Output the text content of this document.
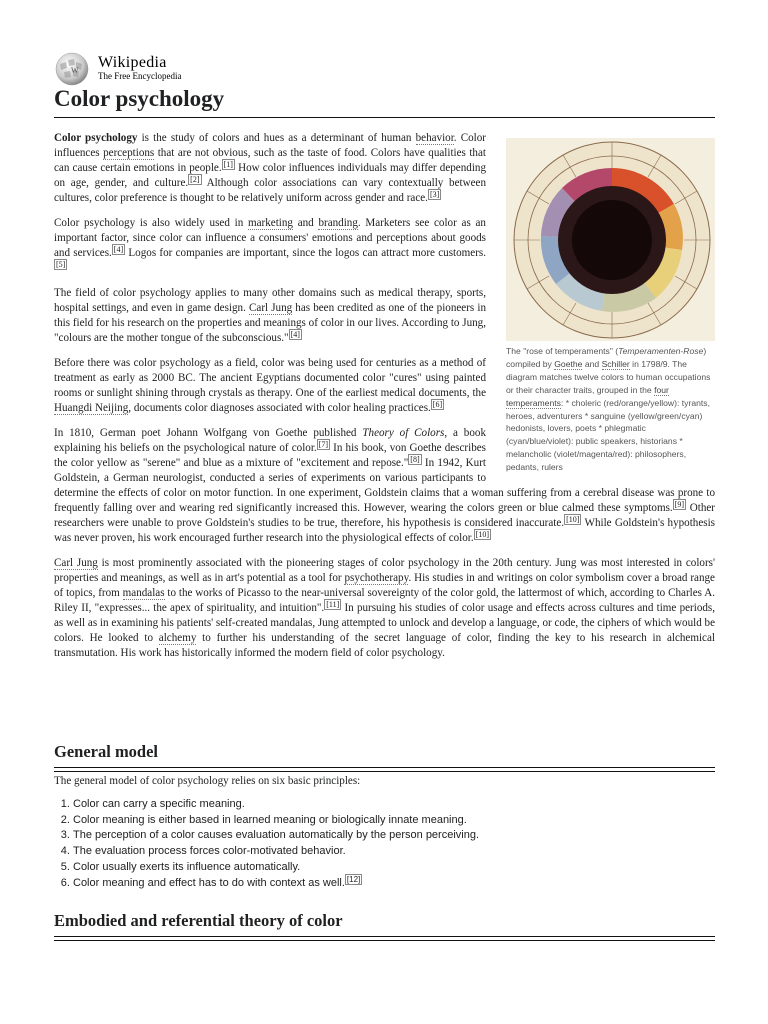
W Wikipedia
The Free Encyclopedia
Color psychology
The "rose of temperaments" (Temperamenten-Rose) compiled by Goethe and Schiller in 1798/9. The diagram matches twelve colors to human occupations or their character traits, grouped in the four temperaments: * choleric (red/orange/yellow): tyrants, heroes, adventurers * sanguine (yellow/green/cyan) hedonists, lovers, poets * phlegmatic (cyan/blue/violet): public speakers, historians * melancholic (violet/magenta/red): philosophers, pedants, rulers

Color psychology is the study of colors and hues as a determinant of human behavior. Color influences perceptions that are not obvious, such as the taste of food. Colors have qualities that can cause certain emotions in people. [1] How color influences individuals may differ depending on age, gender, and culture. [2] Although color associations can vary contextually between cultures, color preference is thought to be relatively uniform across gender and race. [3]

Color psychology is also widely used in marketing and branding. Marketers see color as an important factor, since color can influence a consumers' emotions and perceptions about goods and services. [4] Logos for companies are important, since the logos can attract more customers.[5]

The field of color psychology applies to many other domains such as medical therapy, sports, hospital settings, and even in game design. Carl Jung has been credited as one of the pioneers in this field for his research on the properties and meanings of color in our lives. According to Jung, "colours are the mother tongue of the subconscious." [4]

Before there was color psychology as a field, color was being used for centuries as a method of treatment as early as 2000 BC. The ancient Egyptians documented color "cures" using painted rooms or sunlight shining through crystals as therapy. One of the earliest medical documents, the Huangdi Neijing, documents color diagnoses associated with color healing practices. [6]

In 1810, German poet Johann Wolfgang von Goethe published Theory of Colors, a book explaining his beliefs on the psychological nature of color. [7] In his book, von Goethe describes the color yellow as "serene" and blue as a mixture of "excitement and repose." [8] In 1942, Kurt Goldstein, a German neurologist, conducted a series of experiments on various participants to determine the effects of color on motor function. In one experiment, Goldstein claims that a woman suffering from a cerebral disease was prone to frequently falling over and wearing red significantly increased this. However, wearing the colors green or blue calmed these symptoms. [9] Other researchers were unable to prove Goldstein's studies to be true, therefore, his hypothesis is considered inaccurate. [10] While Goldstein's hypothesis was never proven, his work encouraged further research into the physiological effects of color. [10]

Carl Jung is most prominently associated with the pioneering stages of color psychology in the 20th century. Jung was most interested in colors' properties and meanings, as well as in art's potential as a tool for psychotherapy. His studies in and writings on color symbolism cover a broad range of topics, from mandalas to the works of Picasso to the near-universal sovereignty of the color gold, the lattermost of which, according to Charles A. Riley II, "expresses... the apex of spirituality, and intuition". [11] In pursuing his studies of color usage and effects across cultures and time periods, as well as in examining his patients' self-created mandalas, Jung attempted to unlock and develop a language, or code, the ciphers of which would be colors. He looked to alchemy to further his understanding of the secret language of color, finding the key to his research in alchemical transmutation. His work has historically informed the modern field of color psychology.

General model
The general model of color psychology relies on six basic principles:
1. Color can carry a specific meaning.
2. Color meaning is either based in learned meaning or biologically innate meaning.
3. The perception of a color causes evaluation automatically by the person perceiving.
4. The evaluation process forces color-motivated behavior.
5. Color usually exerts its influence automatically.
6. Color meaning and effect has to do with context as well. [12]
Embodied and referential theory of color
